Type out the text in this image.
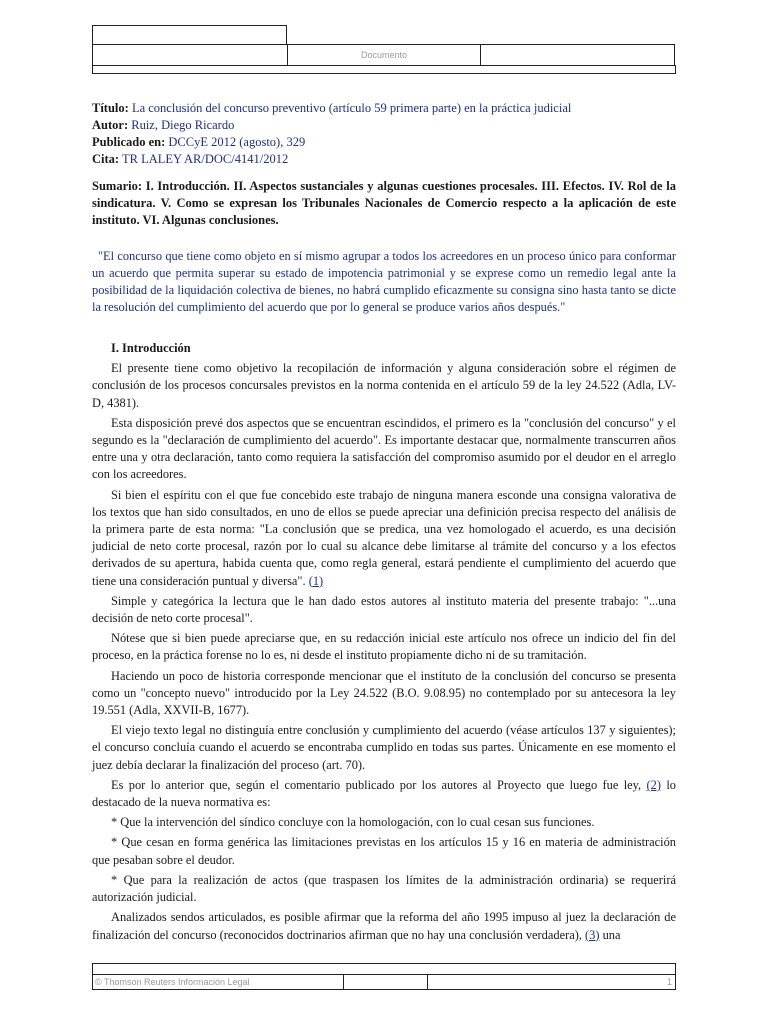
Documento
Título: La conclusión del concurso preventivo (artículo 59 primera parte) en la práctica judicial
Autor: Ruiz, Diego Ricardo
Publicado en: DCCyE 2012 (agosto), 329
Cita: TR LALEY AR/DOC/4141/2012
Sumario: I. Introducción. II. Aspectos sustanciales y algunas cuestiones procesales. III. Efectos. IV. Rol de la sindicatura. V. Como se expresan los Tribunales Nacionales de Comercio respecto a la aplicación de este instituto. VI. Algunas conclusiones.
"El concurso que tiene como objeto en sí mismo agrupar a todos los acreedores en un proceso único para conformar un acuerdo que permita superar su estado de impotencia patrimonial y se exprese como un remedio legal ante la posibilidad de la liquidación colectiva de bienes, no habrá cumplido eficazmente su consigna sino hasta tanto se dicte la resolución del cumplimiento del acuerdo que por lo general se produce varios años después."

I. Introducción

El presente tiene como objetivo la recopilación de información y alguna consideración sobre el régimen de conclusión de los procesos concursales previstos en la norma contenida en el artículo 59 de la ley 24.522 (Adla, LV-D, 4381).

Esta disposición prevé dos aspectos que se encuentran escindidos, el primero es la "conclusión del concurso" y el segundo es la "declaración de cumplimiento del acuerdo". Es importante destacar que, normalmente transcurren años entre una y otra declaración, tanto como requiera la satisfacción del compromiso asumido por el deudor en el arreglo con los acreedores.

Si bien el espíritu con el que fue concebido este trabajo de ninguna manera esconde una consigna valorativa de los textos que han sido consultados, en uno de ellos se puede apreciar una definición precisa respecto del análisis de la primera parte de esta norma: "La conclusión que se predica, una vez homologado el acuerdo, es una decisión judicial de neto corte procesal, razón por lo cual su alcance debe limitarse al trámite del concurso y a los efectos derivados de su apertura, habida cuenta que, como regla general, estará pendiente el cumplimiento del acuerdo que tiene una consideración puntual y diversa". (1)

Simple y categórica la lectura que le han dado estos autores al instituto materia del presente trabajo: "...una decisión de neto corte procesal".

Nótese que si bien puede apreciarse que, en su redacción inicial este artículo nos ofrece un indicio del fin del proceso, en la práctica forense no lo es, ni desde el instituto propiamente dicho ni de su tramitación.

Haciendo un poco de historia corresponde mencionar que el instituto de la conclusión del concurso se presenta como un "concepto nuevo" introducido por la Ley 24.522 (B.O. 9.08.95) no contemplado por su antecesora la ley 19.551 (Adla, XXVII-B, 1677).

El viejo texto legal no distinguía entre conclusión y cumplimiento del acuerdo (véase artículos 137 y siguientes); el concurso concluía cuando el acuerdo se encontraba cumplido en todas sus partes. Únicamente en ese momento el juez debía declarar la finalización del proceso (art. 70).

Es por lo anterior que, según el comentario publicado por los autores al Proyecto que luego fue ley, (2) lo destacado de la nueva normativa es:

* Que la intervención del síndico concluye con la homologación, con lo cual cesan sus funciones.

* Que cesan en forma genérica las limitaciones previstas en los artículos 15 y 16 en materia de administración que pesaban sobre el deudor.

* Que para la realización de actos (que traspasen los límites de la administración ordinaria) se requerirá autorización judicial.

Analizados sendos articulados, es posible afirmar que la reforma del año 1995 impuso al juez la declaración de finalización del concurso (reconocidos doctrinarios afirman que no hay una conclusión verdadera), (3) una

© Thomson Reuters Información Legal	1
